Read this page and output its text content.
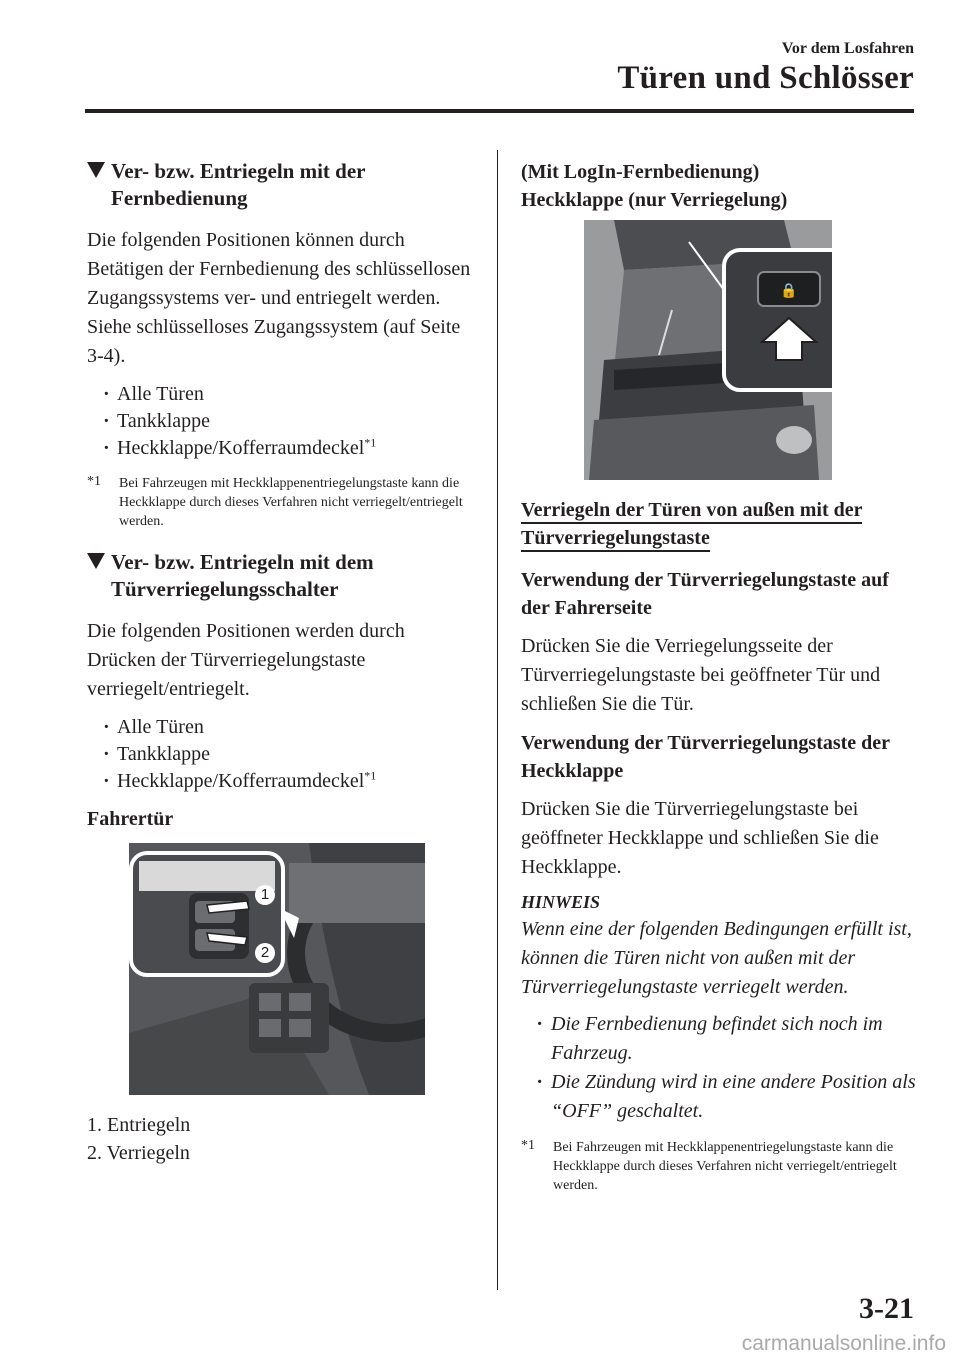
Vor dem Losfahren
Türen und Schlösser
Ver- bzw. Entriegeln mit der Fernbedienung

Die folgenden Positionen können durch Betätigen der Fernbedienung des schlüssellosen Zugangssystems ver- und entriegelt werden. Siehe schlüsselloses Zugangssystem (auf Seite 3-4).

· Alle Türen
· Tankklappe
· Heckklappe/Kofferraumdeckel$^{*1}$
*1 Bei Fahrzeugen mit Heckklappenentriegelungstaste kann die Heckklappe durch dieses Verfahren nicht verriegelt/entriegelt werden.
Ver- bzw. Entriegeln mit dem Türverriegelungsschalter

Die folgenden Positionen werden durch Drücken der Türverriegelungstaste verriegelt/entriegelt.

· Alle Türen
· Tankklappe
· Heckklappe/Kofferraumdeckel$^{*1}$
Fahrertür
1
2
1. Entriegeln
2. Verriegeln
(Mit LogIn-Fernbedienung)
Heckklappe (nur Verriegelung)
🔒
Verriegeln der Türen von außen mit der Türverriegelungstaste
Verwendung der Türverriegelungstaste auf der Fahrerseite

Drücken Sie die Verriegelungsseite der Türverriegelungstaste bei geöffneter Tür und schließen Sie die Tür.

Verwendung der Türverriegelungstaste der Heckklappe

Drücken Sie die Türverriegelungstaste bei geöffneter Heckklappe und schließen Sie die Heckklappe.

HINWEIS

Wenn eine der folgenden Bedingungen erfüllt ist, können die Türen nicht von außen mit der Türverriegelungstaste verriegelt werden.

· Die Fernbedienung befindet sich noch im Fahrzeug.
· Die Zündung wird in eine andere Position als “OFF” geschaltet.
*1 Bei Fahrzeugen mit Heckklappenentriegelungstaste kann die Heckklappe durch dieses Verfahren nicht verriegelt/entriegelt werden.
3-21
carmanualsonline.info
